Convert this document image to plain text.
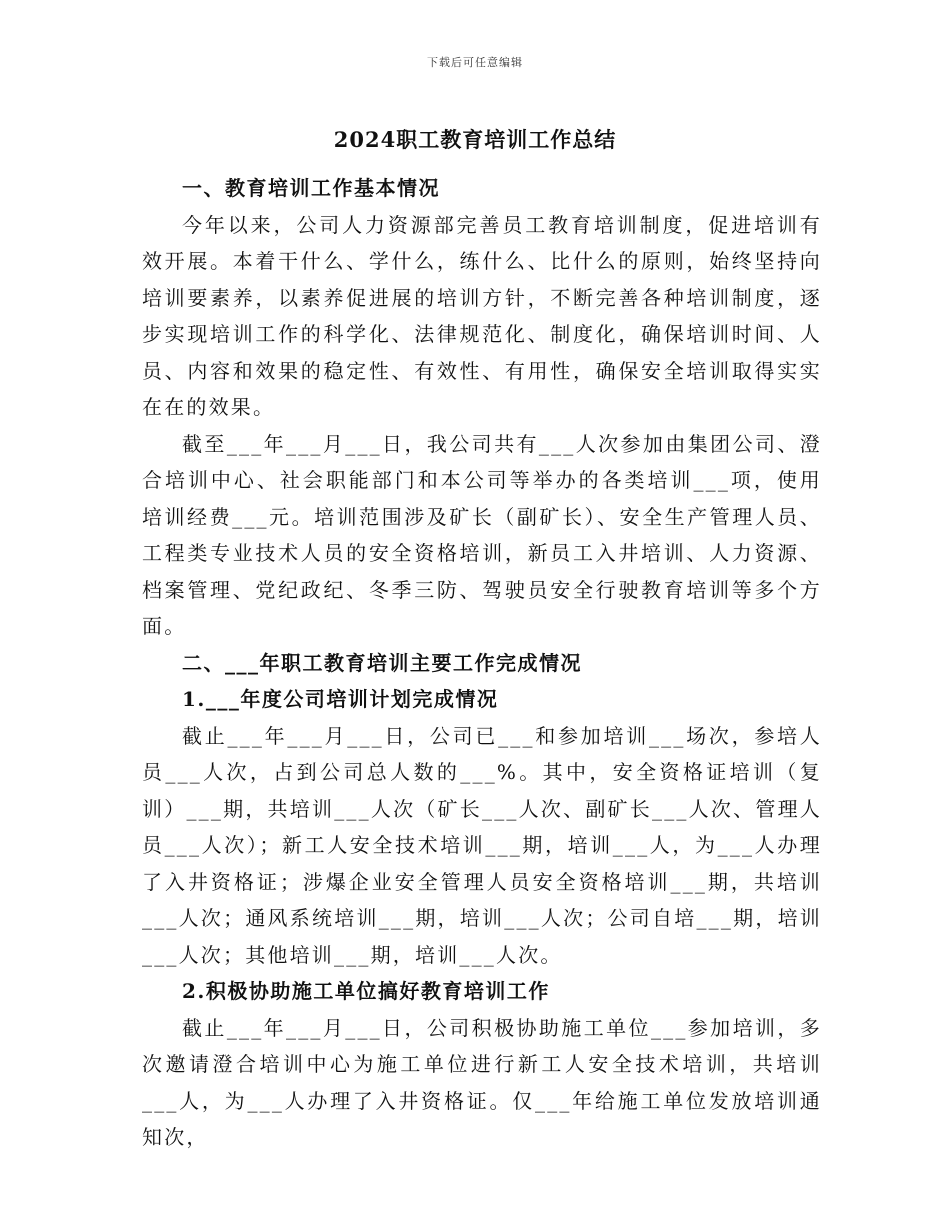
下载后可任意编辑
2024职工教育培训工作总结
一、教育培训工作基本情况

今年以来，公司人力资源部完善员工教育培训制度，促进培训有效开展。本着干什么、学什么，练什么、比什么的原则，始终坚持向培训要素养，以素养促进展的培训方针，不断完善各种培训制度，逐步实现培训工作的科学化、法律规范化、制度化，确保培训时间、人员、内容和效果的稳定性、有效性、有用性，确保安全培训取得实实在在的效果。

截至___年___月___日，我公司共有___人次参加由集团公司、澄合培训中心、社会职能部门和本公司等举办的各类培训___项，使用培训经费___元。培训范围涉及矿长（副矿长）、安全生产管理人员、工程类专业技术人员的安全资格培训，新员工入井培训、人力资源、档案管理、党纪政纪、冬季三防、驾驶员安全行驶教育培训等多个方面。

二、___年职工教育培训主要工作完成情况
1.___年度公司培训计划完成情况

截止___年___月___日，公司已___和参加培训___场次，参培人员___人次，占到公司总人数的___%。其中，安全资格证培训（复训）___期，共培训___人次（矿长___人次、副矿长___人次、管理人员___人次）；新工人安全技术培训___期，培训___人，为___人办理了入井资格证；涉爆企业安全管理人员安全资格培训___期，共培训___人次；通风系统培训___期，培训___人次；公司自培___期，培训___人次；其他培训___期，培训___人次。

2.积极协助施工单位搞好教育培训工作

截止___年___月___日，公司积极协助施工单位___参加培训，多次邀请澄合培训中心为施工单位进行新工人安全技术培训，共培训___人，为___人办理了入井资格证。仅___年给施工单位发放培训通知次，
